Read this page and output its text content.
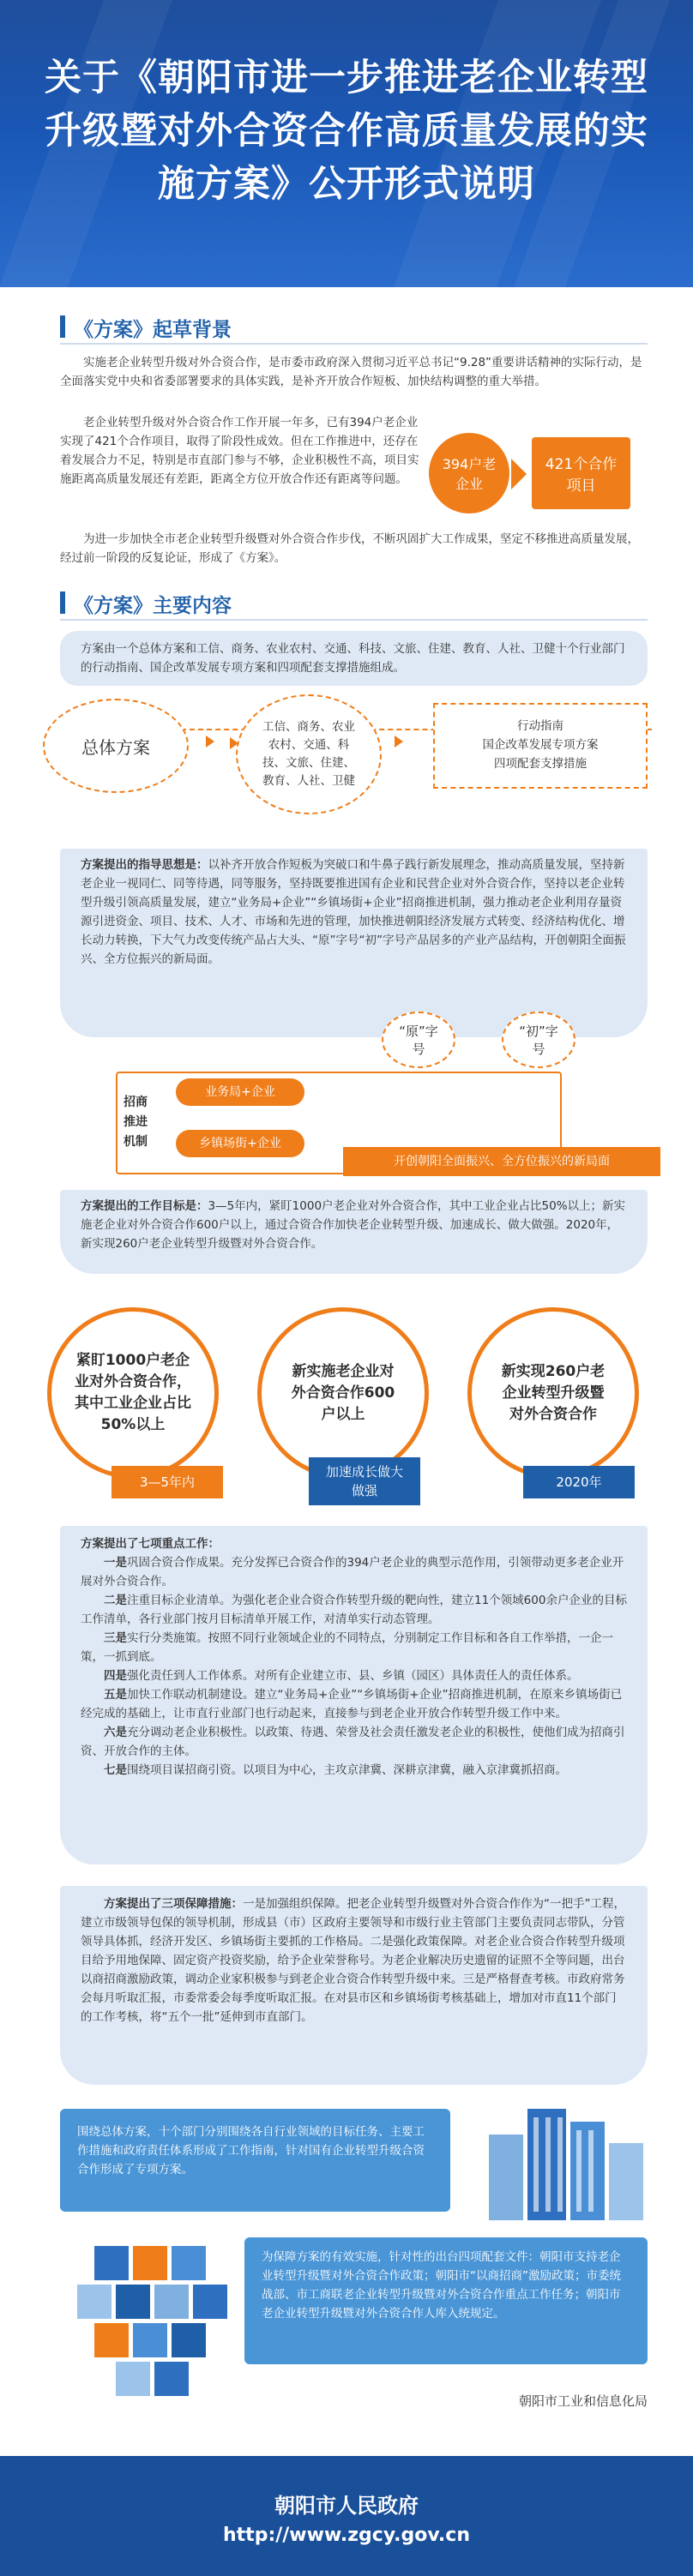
关于《朝阳市进一步推进老企业转型升级暨对外合资合作高质量发展的实施方案》公开形式说明
《方案》起草背景
实施老企业转型升级对外合资合作，是市委市政府深入贯彻习近平总书记“9.28”重要讲话精神的实际行动，是全面落实党中央和省委部署要求的具体实践，是补齐开放合作短板、加快结构调整的重大举措。
老企业转型升级对外合资合作工作开展一年多，已有394户老企业实现了421个合作项目，取得了阶段性成效。但在工作推进中，还存在着发展合力不足，特别是市直部门参与不够，企业积极性不高，项目实施距离高质量发展还有差距，距离全方位开放合作还有距离等问题。
394户老企业
421个合作项目
为进一步加快全市老企业转型升级暨对外合资合作步伐，不断巩固扩大工作成果，坚定不移推进高质量发展，经过前一阶段的反复论证，形成了《方案》。
《方案》主要内容
方案由一个总体方案和工信、商务、农业农村、交通、科技、文旅、住建、教育、人社、卫健十个行业部门的行动指南、国企改革发展专项方案和四项配套支撑措施组成。
总体方案
工信、商务、农业农村、交通、科技、文旅、住建、教育、人社、卫健
行动指南
国企改革发展专项方案
四项配套支撑措施
方案提出的指导思想是：以补齐开放合作短板为突破口和牛鼻子践行新发展理念，推动高质量发展，坚持新老企业一视同仁、同等待遇，同等服务，坚持既要推进国有企业和民营企业对外合资合作，坚持以老企业转型升级引领高质量发展，建立“业务局+企业”“乡镇场街+企业”招商推进机制，强力推动老企业利用存量资源引进资金、项目、技术、人才、市场和先进的管理，加快推进朝阳经济发展方式转变、经济结构优化、增长动力转换，下大气力改变传统产品占大头、“原”字号“初”字号产品居多的产业产品结构，开创朝阳全面振兴、全方位振兴的新局面。
招商推进机制
业务局+企业
乡镇场街+企业
“原”字号
“初”字号
开创朝阳全面振兴、全方位振兴的新局面
方案提出的工作目标是：3—5年内，紧盯1000户老企业对外合资合作，其中工业企业占比50%以上；新实施老企业对外合资合作600户以上，通过合资合作加快老企业转型升级、加速成长、做大做强。2020年，新实现260户老企业转型升级暨对外合资合作。
紧盯1000户老企业对外合资合作，其中工业企业占比50%以上
3—5年内
新实施老企业对外合资合作600户以上
加速成长做大做强
新实现260户老企业转型升级暨对外合资合作
2020年
方案提出了七项重点工作：
一是巩固合资合作成果。充分发挥已合资合作的394户老企业的典型示范作用，引领带动更多老企业开展对外合资合作。
二是注重目标企业清单。为强化老企业合资合作转型升级的靶向性，建立11个领域600余户企业的目标工作清单，各行业部门按月目标清单开展工作，对清单实行动态管理。
三是实行分类施策。按照不同行业领域企业的不同特点，分别制定工作目标和各自工作举措，一企一策，一抓到底。
四是强化责任到人工作体系。对所有企业建立市、县、乡镇（园区）具体责任人的责任体系。
五是加快工作联动机制建设。建立“业务局+企业”“乡镇场街+企业”招商推进机制，在原来乡镇场街已经完成的基础上，让市直行业部门也行动起来，直接参与到老企业开放合作转型升级工作中来。
六是充分调动老企业积极性。以政策、待遇、荣誉及社会责任激发老企业的积极性，使他们成为招商引资、开放合作的主体。
七是围绕项目谋招商引资。以项目为中心，主攻京津冀、深耕京津冀，融入京津冀抓招商。
方案提出了三项保障措施：一是加强组织保障。把老企业转型升级暨对外合资合作作为“一把手”工程，建立市级领导包保的领导机制，形成县（市）区政府主要领导和市级行业主管部门主要负责同志带队，分管领导具体抓，经济开发区、乡镇场街主要抓的工作格局。二是强化政策保障。对老企业合资合作转型升级项目给予用地保障、固定资产投资奖励，给予企业荣誉称号。为老企业解决历史遗留的证照不全等问题，出台以商招商激励政策，调动企业家积极参与到老企业合资合作转型升级中来。三是严格督查考核。市政府常务会每月听取汇报，市委常委会每季度听取汇报。在对县市区和乡镇场街考核基础上，增加对市直11个部门的工作考核，将“五个一批”延伸到市直部门。
围绕总体方案，十个部门分别围绕各自行业领域的目标任务、主要工作措施和政府责任体系形成了工作指南，针对国有企业转型升级合资合作形成了专项方案。
为保障方案的有效实施，针对性的出台四项配套文件：朝阳市支持老企业转型升级暨对外合资合作政策；朝阳市“以商招商”激励政策；市委统战部、市工商联老企业转型升级暨对外合资合作重点工作任务；朝阳市老企业转型升级暨对外合资合作人库入统规定。
朝阳市工业和信息化局
朝阳市人民政府
http://www.zgcy.gov.cn
